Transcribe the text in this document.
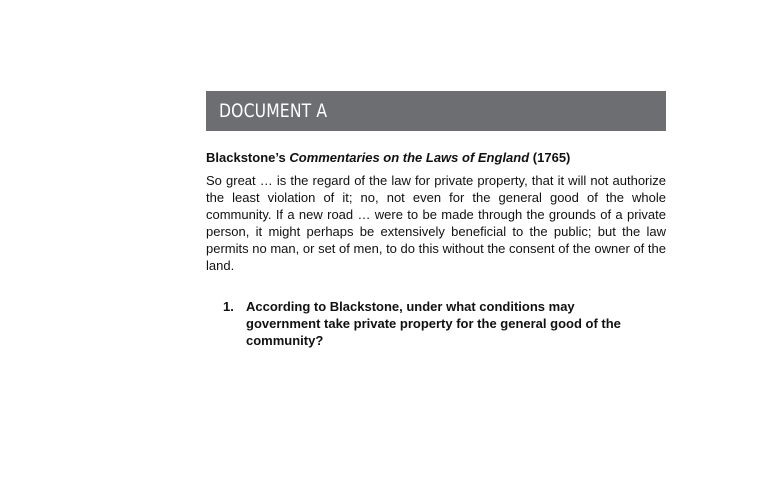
DOCUMENT A
Blackstone’s Commentaries on the Laws of England (1765)
So great … is the regard of the law for private property, that it will not authorize the least violation of it; no, not even for the general good of the whole community. If a new road … were to be made through the grounds of a private person, it might perhaps be extensively beneficial to the public; but the law permits no man, or set of men, to do this without the consent of the owner of the land.
1. According to Blackstone, under what conditions may government take private property for the general good of the community?
